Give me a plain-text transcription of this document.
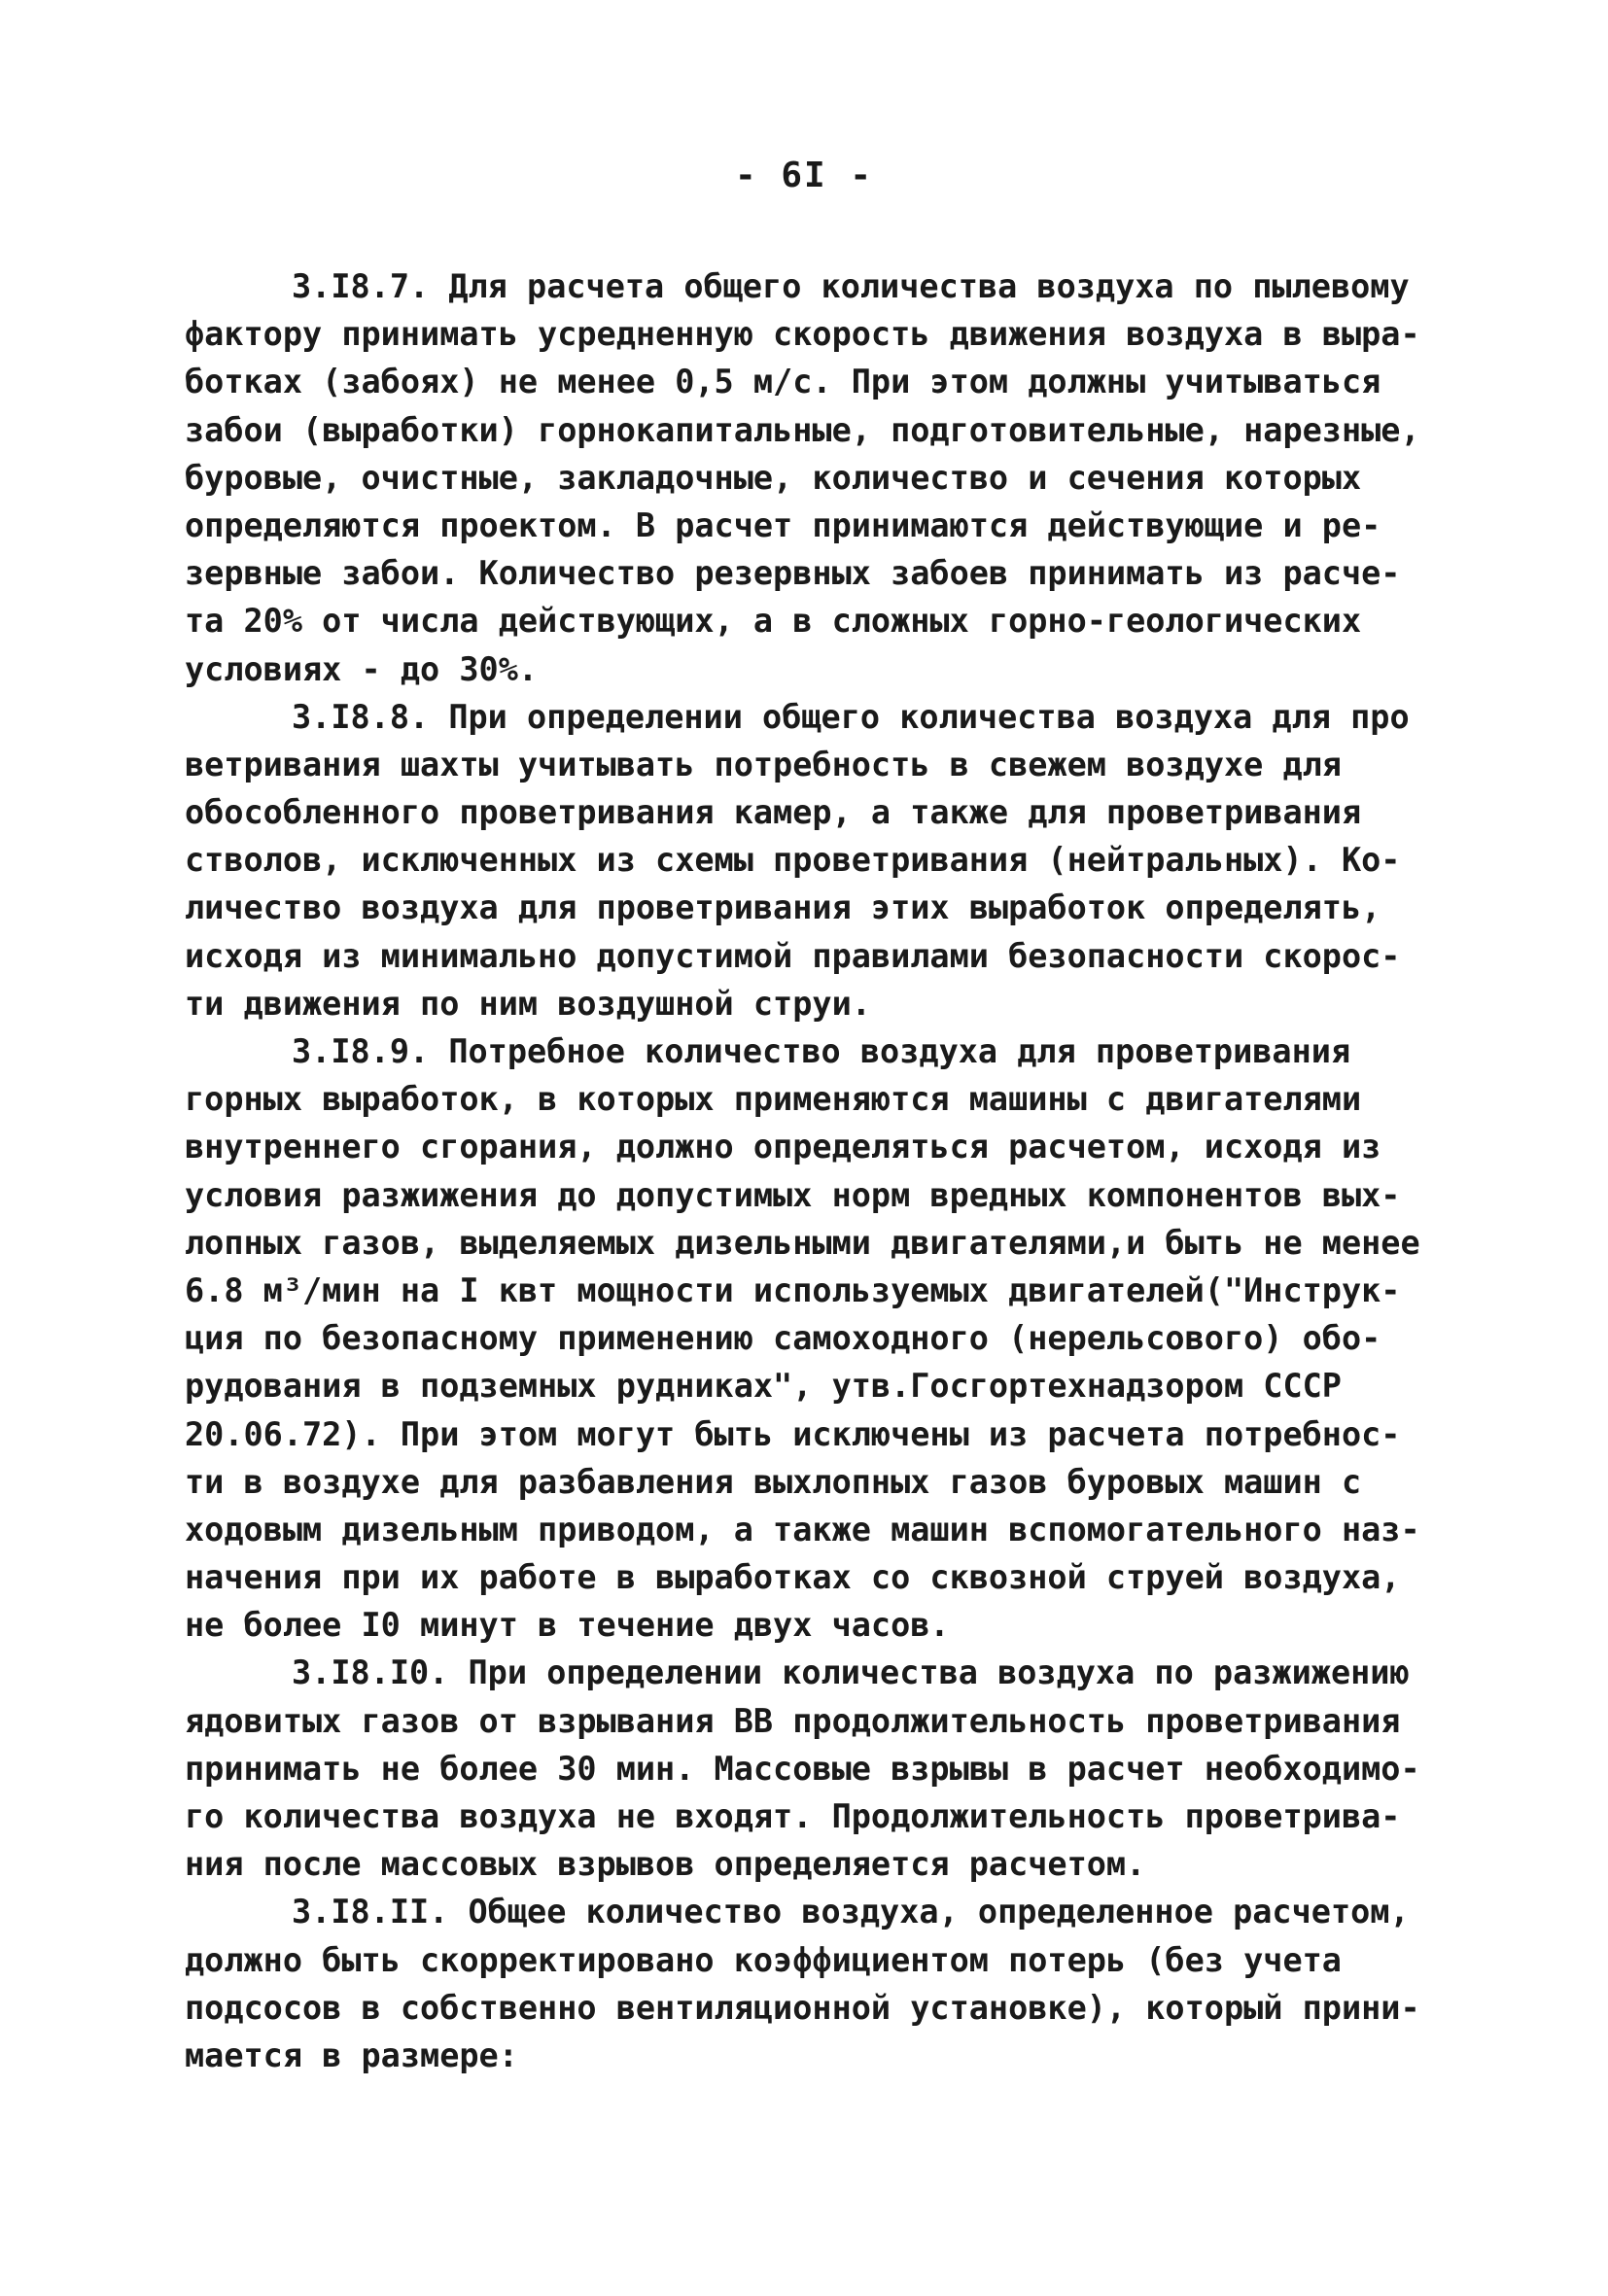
- 6I -
3.I8.7. Для расчета общего количества воздуха по пылевому
фактору принимать усредненную скорость движения воздуха в выра-
ботках (забоях) не менее 0,5 м/с. При этом должны учитываться
забои (выработки) горнокапитальные, подготовительные, нарезные,
буровые, очистные, закладочные, количество и сечения которых
определяются проектом. В расчет принимаются действующие и ре-
зервные забои. Количество резервных забоев принимать из расче-
та 20% от числа действующих, а в сложных горно-геологических
условиях - до 30%.
3.I8.8. При определении общего количества воздуха для про
ветривания шахты учитывать потребность в свежем воздухе для
обособленного проветривания камер, а также для проветривания
стволов, исключенных из схемы проветривания (нейтральных). Ко-
личество воздуха для проветривания этих выработок определять,
исходя из минимально допустимой правилами безопасности скорос-
ти движения по ним воздушной струи.
3.I8.9. Потребное количество воздуха для проветривания
горных выработок, в которых применяются машины с двигателями
внутреннего сгорания, должно определяться расчетом, исходя из
условия разжижения до допустимых норм вредных компонентов вых-
лопных газов, выделяемых дизельными двигателями,и быть не менее
6.8 м³/мин на I квт мощности используемых двигателей("Инструк-
ция по безопасному применению самоходного (нерельсового) обо-
рудования в подземных рудниках", утв.Госгортехнадзором СССР
20.06.72). При этом могут быть исключены из расчета потребнос-
ти в воздухе для разбавления выхлопных газов буровых машин с
ходовым дизельным приводом, а также машин вспомогательного наз-
начения при их работе в выработках со сквозной струей воздуха,
не более I0 минут в течение двух часов.
3.I8.I0. При определении количества воздуха по разжижению
ядовитых газов от взрывания ВВ продолжительность проветривания
принимать не более 30 мин. Массовые взрывы в расчет необходимо-
го количества воздуха не входят. Продолжительность проветрива-
ния после массовых взрывов определяется расчетом.
3.I8.II. Общее количество воздуха, определенное расчетом,
должно быть скорректировано коэффициентом потерь (без учета
подсосов в собственно вентиляционной установке), который прини-
мается в размере:
